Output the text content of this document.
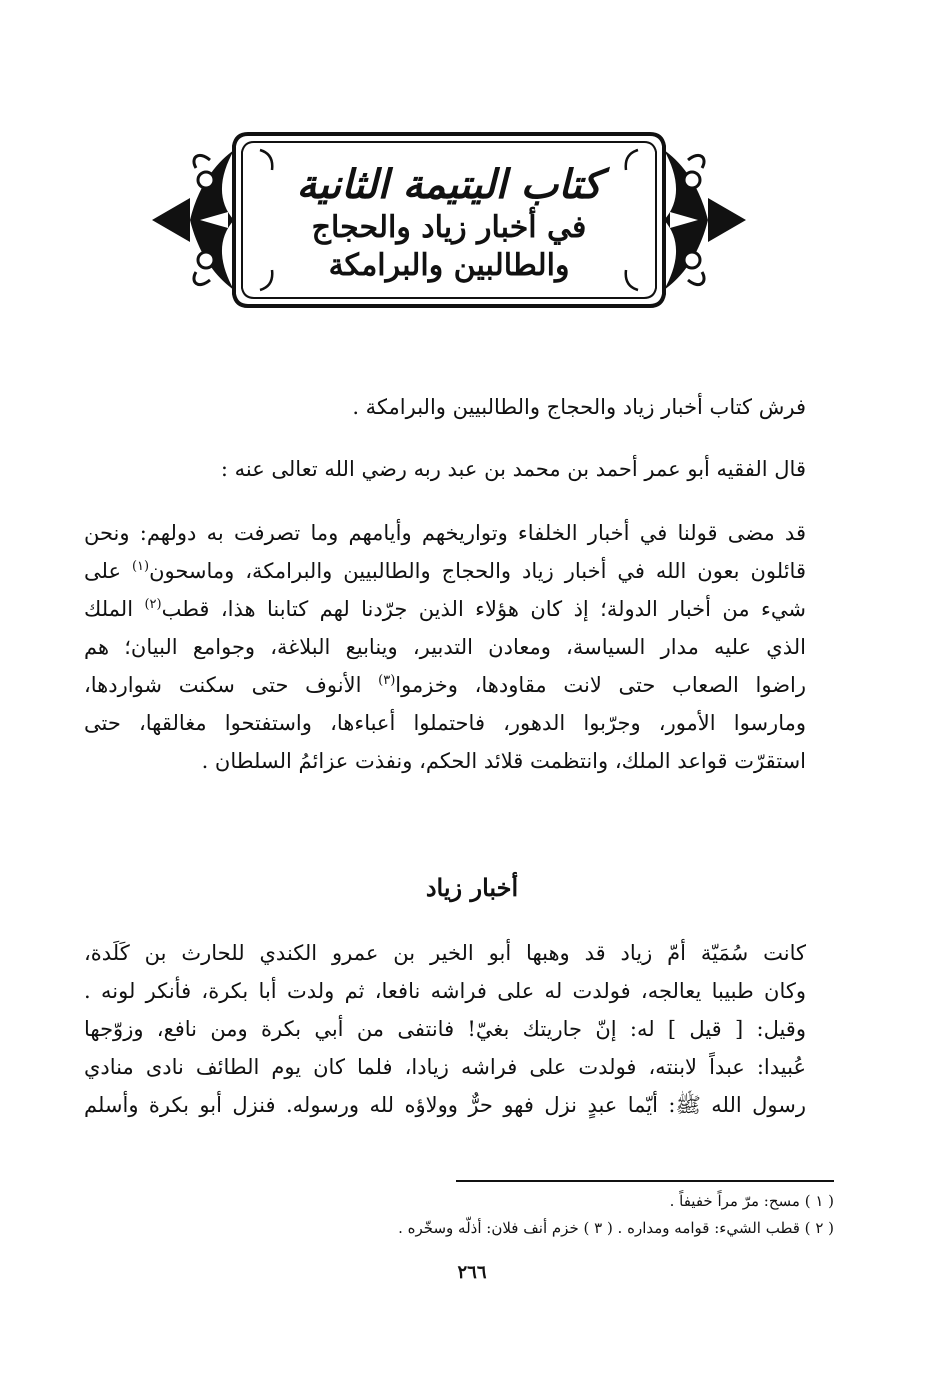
كتاب اليتيمة الثانية
في أخبار زياد والحجاج
والطالبين والبرامكة
فرش كتاب أخبار زياد والحجاج والطالبيين والبرامكة .
قال الفقيه أبو عمر أحمد بن محمد بن عبد ربه رضي الله تعالى عنه :
قد مضى قولنا في أخبار الخلفاء وتواريخهم وأيامهم وما تصرفت به دولهم: ونحن
قائلون بعون الله في أخبار زياد والحجاج والطالبيين والبرامكة، وماسحون$^{(١)}$ على
شيء من أخبار الدولة؛ إذ كان هؤلاء الذين جرّدنا لهم كتابنا هذا، قطب$^{(٢)}$ الملك
الذي عليه مدار السياسة، ومعادن التدبير، وينابيع البلاغة، وجوامع البيان؛ هم
راضوا الصعاب حتى لانت مقاودها، وخزموا$^{(٣)}$ الأنوف حتى سكنت شواردها،
ومارسوا الأمور، وجرّبوا الدهور، فاحتملوا أعباءها، واستفتحوا مغالقها، حتى
استقرّت قواعد الملك، وانتظمت قلائد الحكم، ونفذت عزائمُ السلطان .
أخبار زياد
كانت سُمَيّة أمّ زياد قد وهبها أبو الخير بن عمرو الكندي للحارث بن كَلَدة،
وكان طبيبا يعالجه، فولدت له على فراشه نافعا، ثم ولدت أبا بكرة، فأنكر لونه .
وقيل: [ قيل ] له: إنّ جاريتك بغيّ! فانتفى من أبي بكرة ومن نافع، وزوّجها
عُبيدا: عبداً لابنته، فولدت على فراشه زيادا، فلما كان يوم الطائف نادى منادي
رسول الله ﷺ: أيّما عبدٍ نزل فهو حرٌّ وولاؤه لله ورسوله. فنزل أبو بكرة وأسلم
( ١ ) مسح: مرّ مراً خفيفاً .
( ٢ ) قطب الشيء: قوامه ومداره . ( ٣ ) خزم أنف فلان: أذلّه وسخّره .
٢٦٦
